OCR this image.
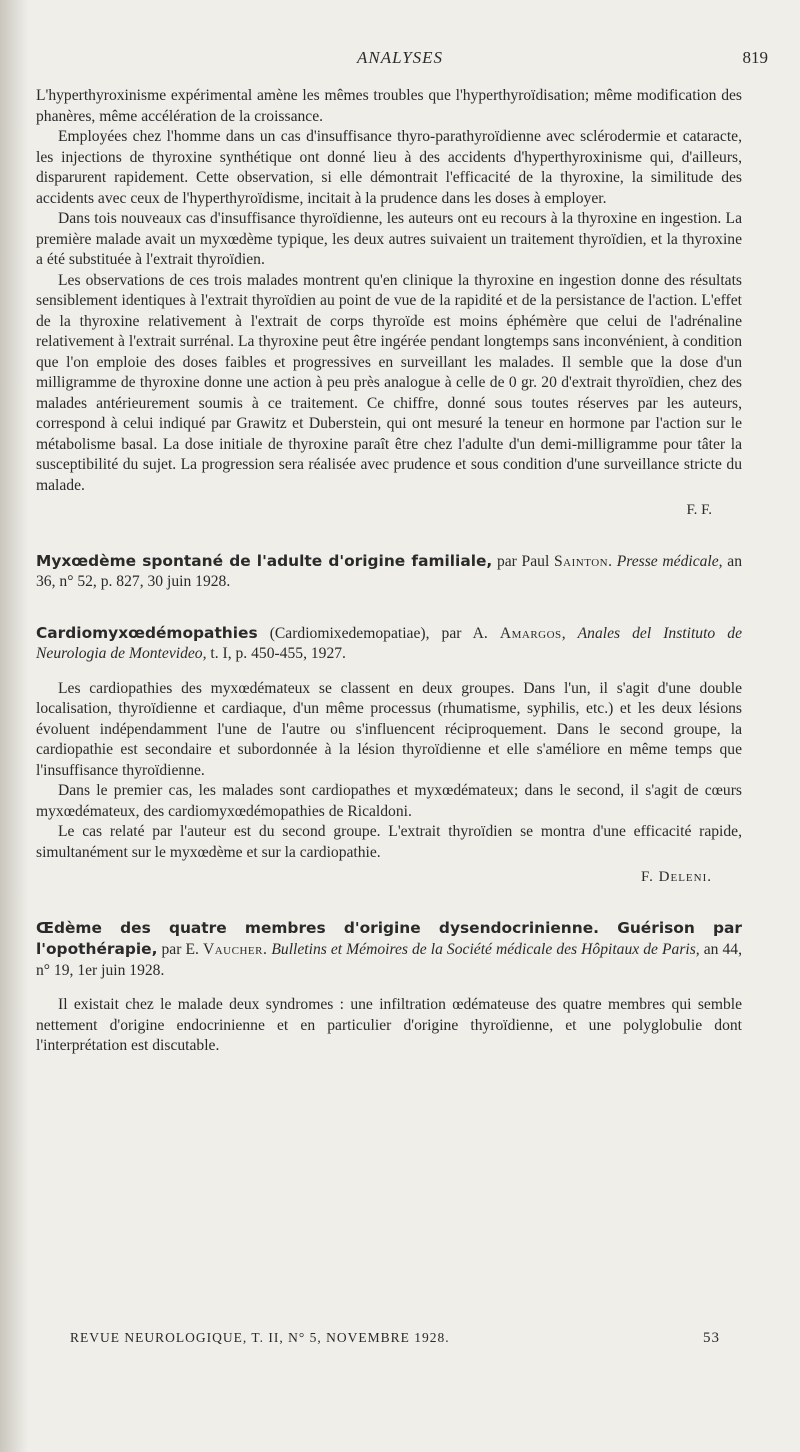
ANALYSES	819

L'hyperthyroxinisme expérimental amène les mêmes troubles que l'hyperthyroïdisation; même modification des phanères, même accélération de la croissance.

Employées chez l'homme dans un cas d'insuffisance thyro-parathyroïdienne avec sclérodermie et cataracte, les injections de thyroxine synthétique ont donné lieu à des accidents d'hyperthyroxinisme qui, d'ailleurs, disparurent rapidement. Cette observation, si elle démontrait l'efficacité de la thyroxine, la similitude des accidents avec ceux de l'hyperthyroïdisme, incitait à la prudence dans les doses à employer.

Dans tois nouveaux cas d'insuffisance thyroïdienne, les auteurs ont eu recours à la thyroxine en ingestion. La première malade avait un myxœdème typique, les deux autres suivaient un traitement thyroïdien, et la thyroxine a été substituée à l'extrait thyroïdien.

Les observations de ces trois malades montrent qu'en clinique la thyroxine en ingestion donne des résultats sensiblement identiques à l'extrait thyroïdien au point de vue de la rapidité et de la persistance de l'action. L'effet de la thyroxine relativement à l'extrait de corps thyroïde est moins éphémère que celui de l'adrénaline relativement à l'extrait surrénal. La thyroxine peut être ingérée pendant longtemps sans inconvénient, à condition que l'on emploie des doses faibles et progressives en surveillant les malades. Il semble que la dose d'un milligramme de thyroxine donne une action à peu près analogue à celle de 0 gr. 20 d'extrait thyroïdien, chez des malades antérieurement soumis à ce traitement. Ce chiffre, donné sous toutes réserves par les auteurs, correspond à celui indiqué par Grawitz et Duberstein, qui ont mesuré la teneur en hormone par l'action sur le métabolisme basal. La dose initiale de thyroxine paraît être chez l'adulte d'un demi-milligramme pour tâter la susceptibilité du sujet. La progression sera réalisée avec prudence et sous condition d'une surveillance stricte du malade.

F. F.

Myxœdème spontané de l'adulte d'origine familiale, par Paul Sainton. Presse médicale, an 36, n° 52, p. 827, 30 juin 1928.

Cardiomyxœdémopathies (Cardiomixedemopatiae), par A. Amargos, Anales del Instituto de Neurologia de Montevideo, t. I, p. 450-455, 1927.

Les cardiopathies des myxœdémateux se classent en deux groupes. Dans l'un, il s'agit d'une double localisation, thyroïdienne et cardiaque, d'un même processus (rhumatisme, syphilis, etc.) et les deux lésions évoluent indépendamment l'une de l'autre ou s'influencent réciproquement. Dans le second groupe, la cardiopathie est secondaire et subordonnée à la lésion thyroïdienne et elle s'améliore en même temps que l'insuffisance thyroïdienne.

Dans le premier cas, les malades sont cardiopathes et myxœdémateux; dans le second, il s'agit de cœurs myxœdémateux, des cardiomyxœdémopathies de Ricaldoni.

Le cas relaté par l'auteur est du second groupe. L'extrait thyroïdien se montra d'une efficacité rapide, simultanément sur le myxœdème et sur la cardiopathie.

F. Deleni.

Œdème des quatre membres d'origine dysendocrinienne. Guérison par l'opothérapie, par E. Vaucher. Bulletins et Mémoires de la Société médicale des Hôpitaux de Paris, an 44, n° 19, 1er juin 1928.

Il existait chez le malade deux syndromes : une infiltration œdémateuse des quatre membres qui semble nettement d'origine endocrinienne et en particulier d'origine thyroïdienne, et une polyglobulie dont l'interprétation est discutable.

REVUE NEUROLOGIQUE, T. II, N° 5, NOVEMBRE 1928.	53
